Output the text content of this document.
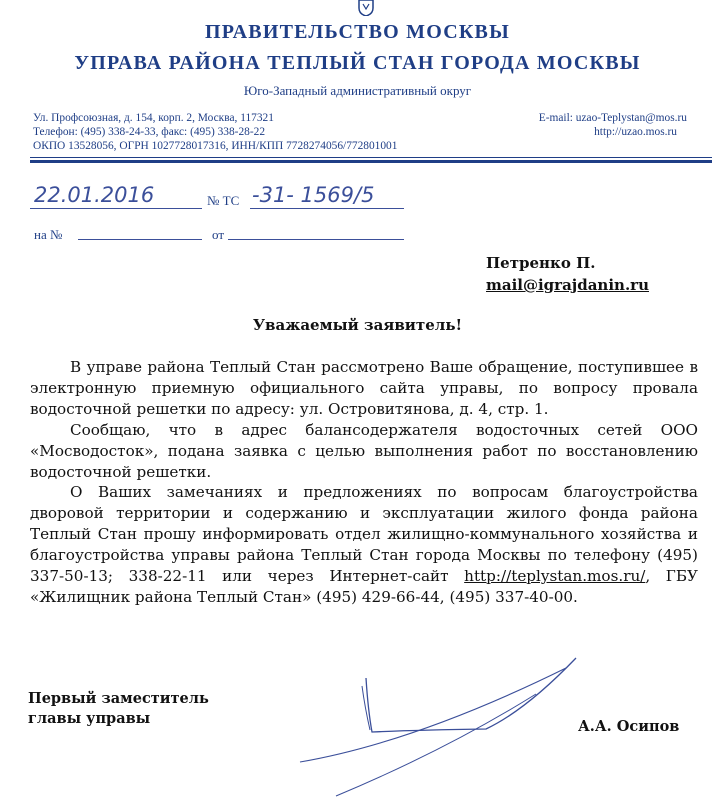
ПРАВИТЕЛЬСТВО МОСКВЫ
УПРАВА РАЙОНА ТЕПЛЫЙ СТАН ГОРОДА МОСКВЫ
Юго-Западный административный округ
Ул. Профсоюзная, д. 154, корп. 2, Москва, 117321
Телефон: (495) 338-24-33, факс: (495) 338-28-22
ОКПО 13528056, ОГРН 1027728017316, ИНН/КПП 7728274056/772801001
E-mail: uzao-Teplystan@mos.ru
http://uzao.mos.ru
22.01.2016	№ ТС -31- 1569/5
на №	от
Петренко П.
mail@igrajdanin.ru
Уважаемый заявитель!

В управе района Теплый Стан рассмотрено Ваше обращение, поступившее в электронную приемную официального сайта управы, по вопросу провала водосточной решетки по адресу: ул. Островитянова, д. 4, стр. 1.

Сообщаю, что в адрес балансодержателя водосточных сетей ООО «Мосводосток», подана заявка с целью выполнения работ по восстановлению водосточной решетки.

О Ваших замечаниях и предложениях по вопросам благоустройства дворовой территории и содержанию и эксплуатации жилого фонда района Теплый Стан прошу информировать отдел жилищно-коммунального хозяйства и благоустройства управы района Теплый Стан города Москвы по телефону (495) 337-50-13; 338-22-11 или через Интернет-сайт http://teplystan.mos.ru/, ГБУ «Жилищник района Теплый Стан» (495) 429-66-44, (495) 337-40-00.

Первый заместитель
главы управы	А.А. Осипов
